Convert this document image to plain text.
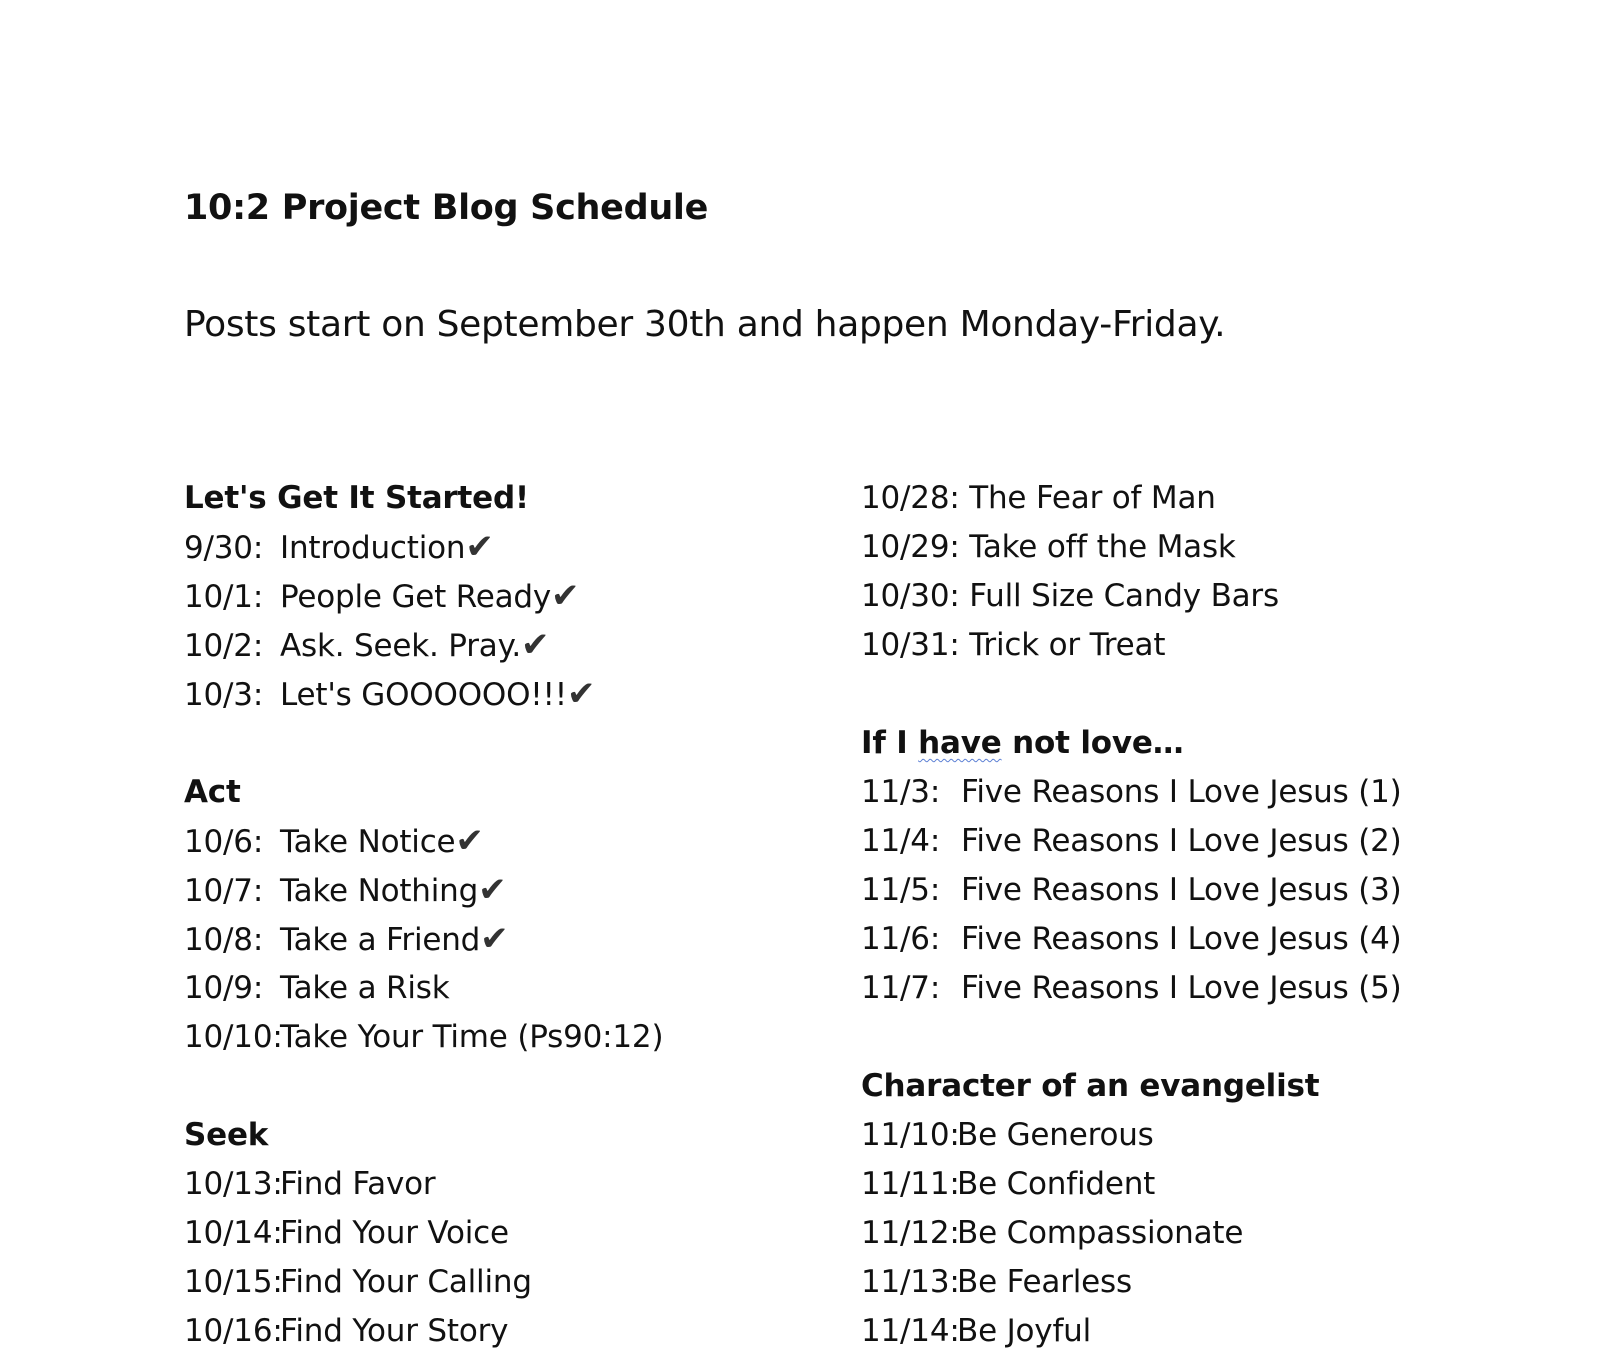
10:2 Project Blog Schedule
Posts start on September 30th and happen Monday-Friday.
Let's Get It Started!
9/30: Introduction✔
10/1: People Get Ready✔
10/2: Ask. Seek. Pray.✔
10/3: Let's GOOOOOO!!!✔
Act
10/6: Take Notice✔
10/7: Take Nothing✔
10/8: Take a Friend✔
10/9: Take a Risk
10/10:Take Your Time (Ps90:12)
Seek
10/13:Find Favor
10/14:Find Your Voice
10/15:Find Your Calling
10/16:Find Your Story
10/28: The Fear of Man
10/29: Take off the Mask
10/30: Full Size Candy Bars
10/31: Trick or Treat
If I have not love…
11/3: Five Reasons I Love Jesus (1)
11/4: Five Reasons I Love Jesus (2)
11/5: Five Reasons I Love Jesus (3)
11/6: Five Reasons I Love Jesus (4)
11/7: Five Reasons I Love Jesus (5)
Character of an evangelist
11/10:Be Generous
11/11:Be Confident
11/12:Be Compassionate
11/13:Be Fearless
11/14:Be Joyful
